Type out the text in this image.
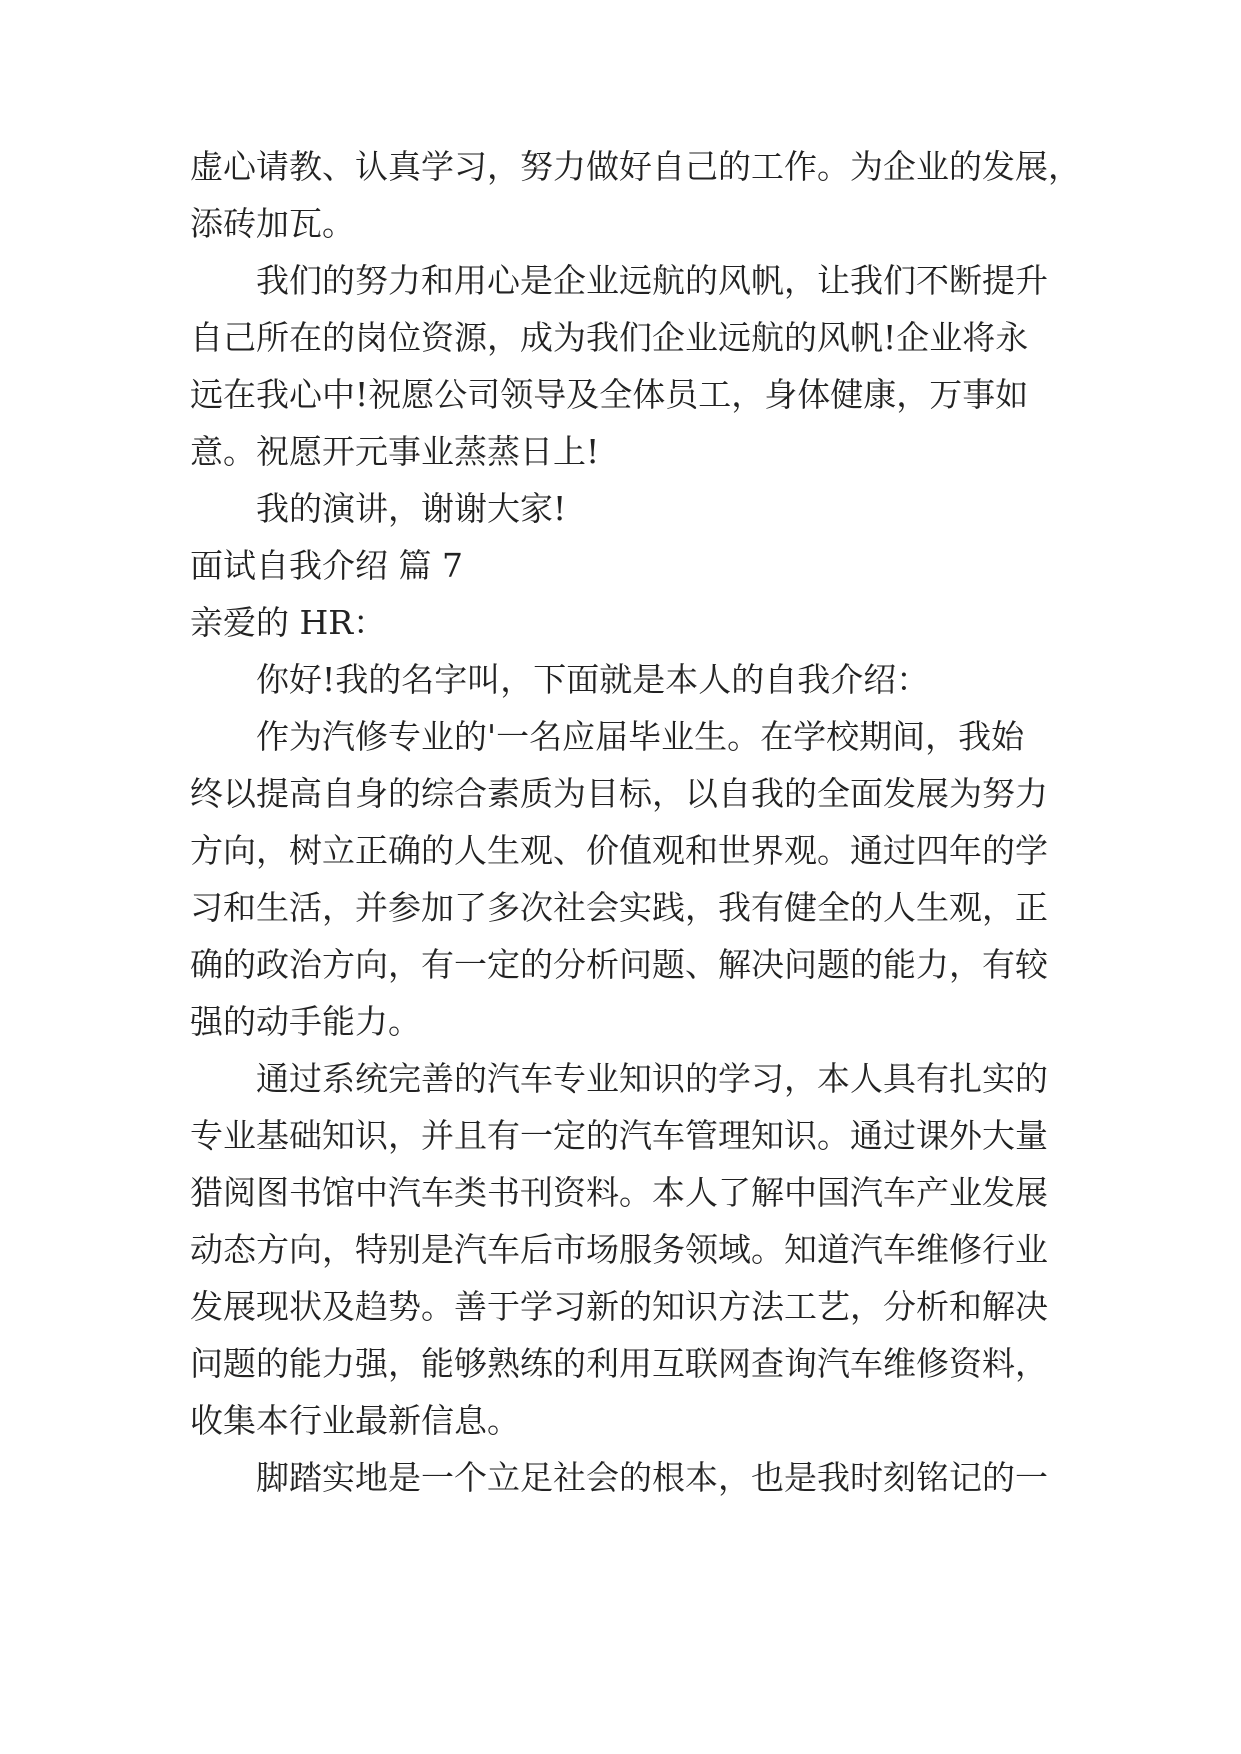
虚心请教、认真学习，努力做好自己的工作。为企业的发展，
添砖加瓦。
我们的努力和用心是企业远航的风帆，让我们不断提升
自己所在的岗位资源，成为我们企业远航的风帆!企业将永
远在我心中!祝愿公司领导及全体员工，身体健康，万事如
意。祝愿开元事业蒸蒸日上!
我的演讲，谢谢大家!
面试自我介绍 篇 7
亲爱的 HR：
你好!我的名字叫，下面就是本人的自我介绍：
作为汽修专业的'一名应届毕业生。在学校期间，我始
终以提高自身的综合素质为目标，以自我的全面发展为努力
方向，树立正确的人生观、价值观和世界观。通过四年的学
习和生活，并参加了多次社会实践，我有健全的人生观，正
确的政治方向，有一定的分析问题、解决问题的能力，有较
强的动手能力。
通过系统完善的汽车专业知识的学习，本人具有扎实的
专业基础知识，并且有一定的汽车管理知识。通过课外大量
猎阅图书馆中汽车类书刊资料。本人了解中国汽车产业发展
动态方向，特别是汽车后市场服务领域。知道汽车维修行业
发展现状及趋势。善于学习新的知识方法工艺，分析和解决
问题的能力强，能够熟练的利用互联网查询汽车维修资料，
收集本行业最新信息。
脚踏实地是一个立足社会的根本，也是我时刻铭记的一
